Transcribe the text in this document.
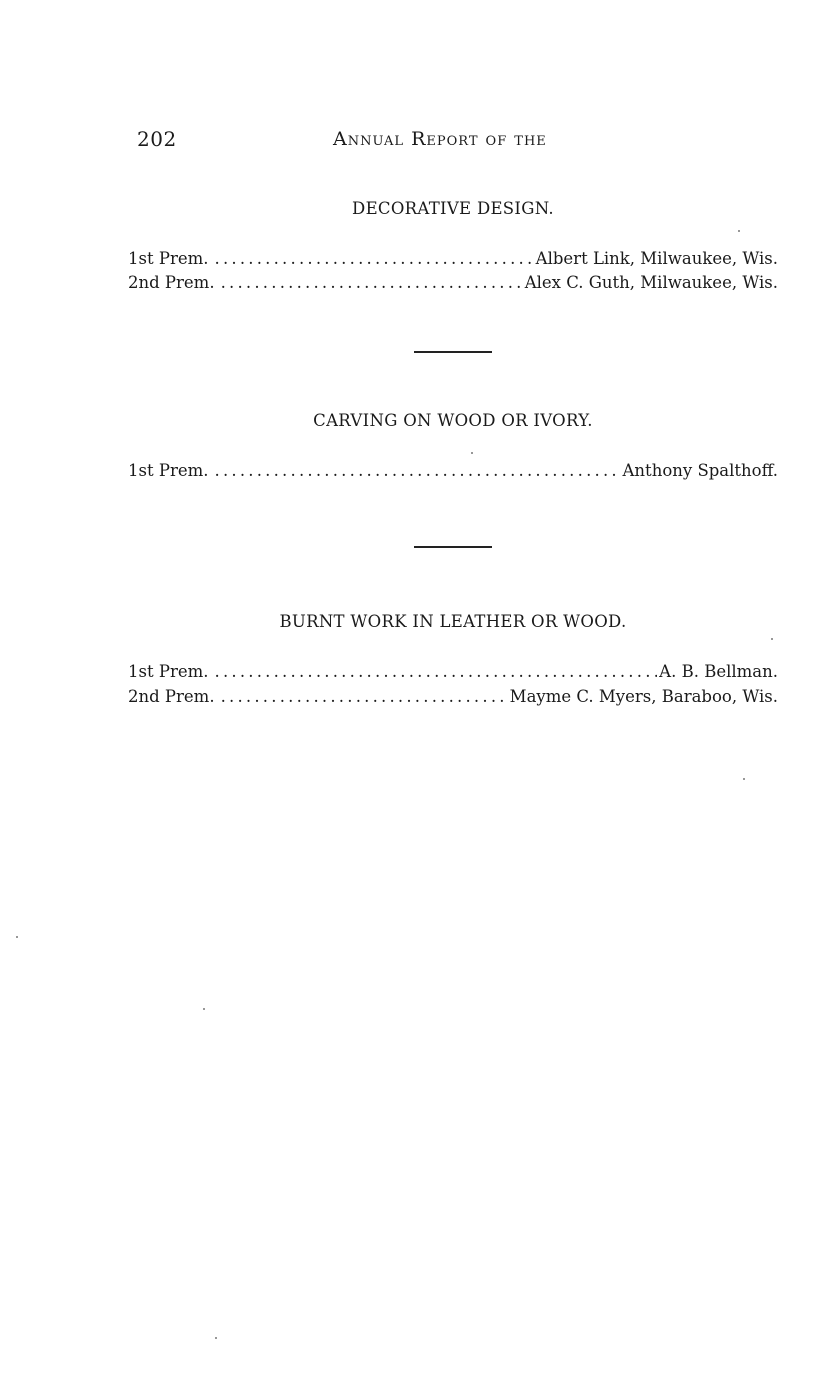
202	Annual Report of the
DECORATIVE DESIGN.
1st Prem. .....	Albert Link, Milwaukee, Wis.
2nd Prem. .....	Alex C. Guth, Milwaukee, Wis.
CARVING ON WOOD OR IVORY.
1st Prem. .....	Anthony Spalthoff.
BURNT WORK IN LEATHER OR WOOD.
1st Prem. .....	A. B. Bellman.
2nd Prem. .....	Mayme C. Myers, Baraboo, Wis.
